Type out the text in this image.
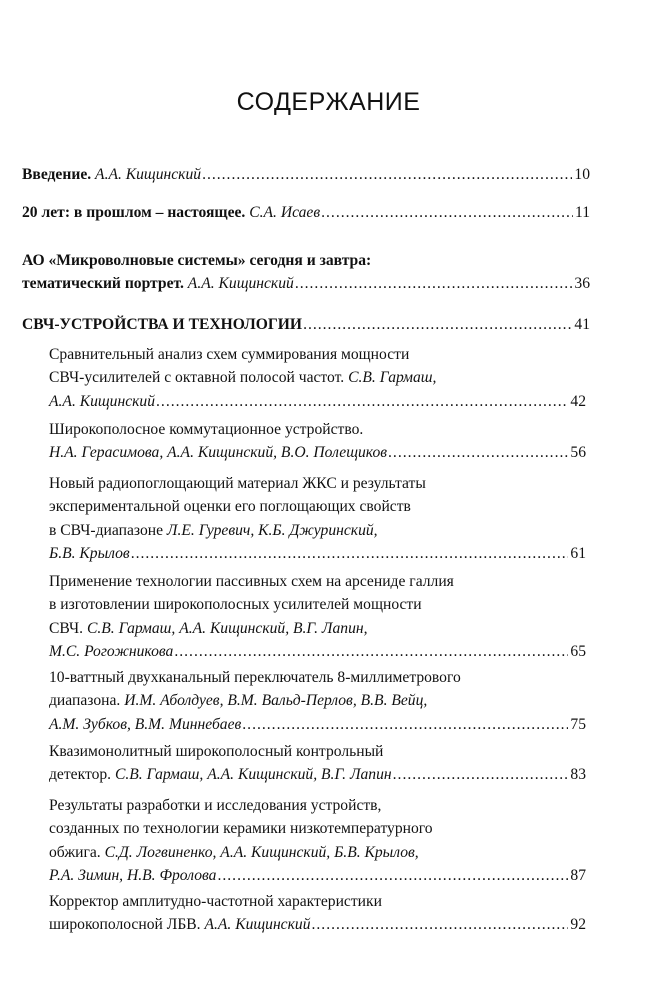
СОДЕРЖАНИЕ
Введение. А.А. Кищинский .....	10
20 лет: в прошлом – настоящее. С.А. Исаев .....	11
АО «Микроволновые системы» сегодня и завтра:
тематический портрет. А.А. Кищинский .....	36
СВЧ-УСТРОЙСТВА И ТЕХНОЛОГИИ .....	41
Сравнительный анализ схем суммирования мощности
СВЧ-усилителей с октавной полосой частот. С.В. Гармаш,
А.А. Кищинский .....	42
Широкополосное коммутационное устройство.
Н.А. Герасимова, А.А. Кищинский, В.О. Полещиков .....	56
Новый радиопоглощающий материал ЖКС и результаты
экспериментальной оценки его поглощающих свойств
в СВЧ-диапазоне Л.Е. Гуревич, К.Б. Джуринский,
Б.В. Крылов .....	61
Применение технологии пассивных схем на арсениде галлия
в изготовлении широкополосных усилителей мощности
СВЧ. С.В. Гармаш, А.А. Кищинский, В.Г. Лапин,
М.С. Рогожникова .....	65
10-ваттный двухканальный переключатель 8-миллиметрового
диапазона. И.М. Аболдуев, В.М. Вальд-Перлов, В.В. Вейц,
А.М. Зубков, В.М. Миннебаев .....	75
Квазимонолитный широкополосный контрольный
детектор. С.В. Гармаш, А.А. Кищинский, В.Г. Лапин .....	83
Результаты разработки и исследования устройств,
созданных по технологии керамики низкотемпературного
обжига. С.Д. Логвиненко, А.А. Кищинский, Б.В. Крылов,
Р.А. Зимин, Н.В. Фролова .....	87
Корректор амплитудно-частотной характеристики
широкополосной ЛБВ. А.А. Кищинский .....	92
